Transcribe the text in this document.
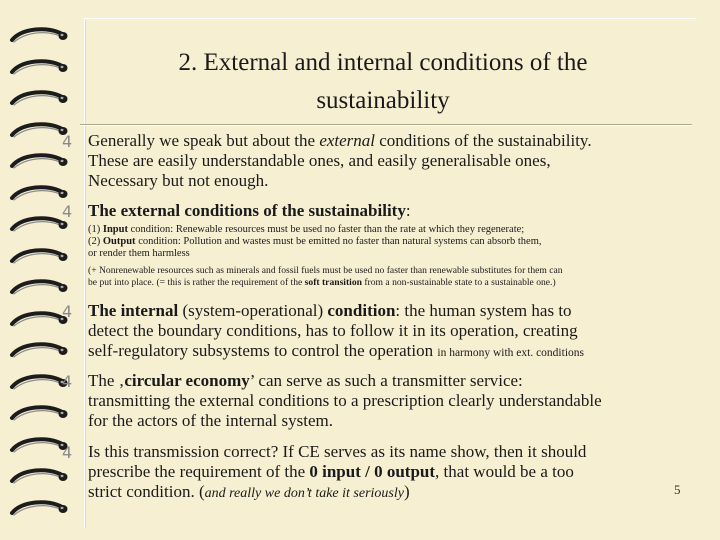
2. External and internal conditions of the
sustainability
4 Generally we speak but about the external conditions of the sustainability.
These are easily understandable ones, and easily generalisable ones,
Necessary but not enough.
4 The external conditions of the sustainability:
(1) Input condition: Renewable resources must be used no faster than the rate at which they regenerate;
(2) Output condition: Pollution and wastes must be emitted no faster than natural systems can absorb them,
or render them harmless
(+ Nonrenewable resources such as minerals and fossil fuels must be used no faster than renewable substitutes for them can
be put into place. (= this is rather the requirement of the soft transition from a non-sustainable state to a sustainable one.)
4 The internal (system-operational) condition: the human system has to
detect the boundary conditions, has to follow it in its operation, creating
self-regulatory subsystems to control the operation in harmony with ext. conditions
4 The ‚circular economy’ can serve as such a transmitter service:
transmitting the external conditions to a prescription clearly understandable
for the actors of the internal system.
4 Is this transmission correct? If CE serves as its name show, then it should
prescribe the requirement of the 0 input / 0 output, that would be a too
strict condition. (and really we don’t take it seriously)	5
